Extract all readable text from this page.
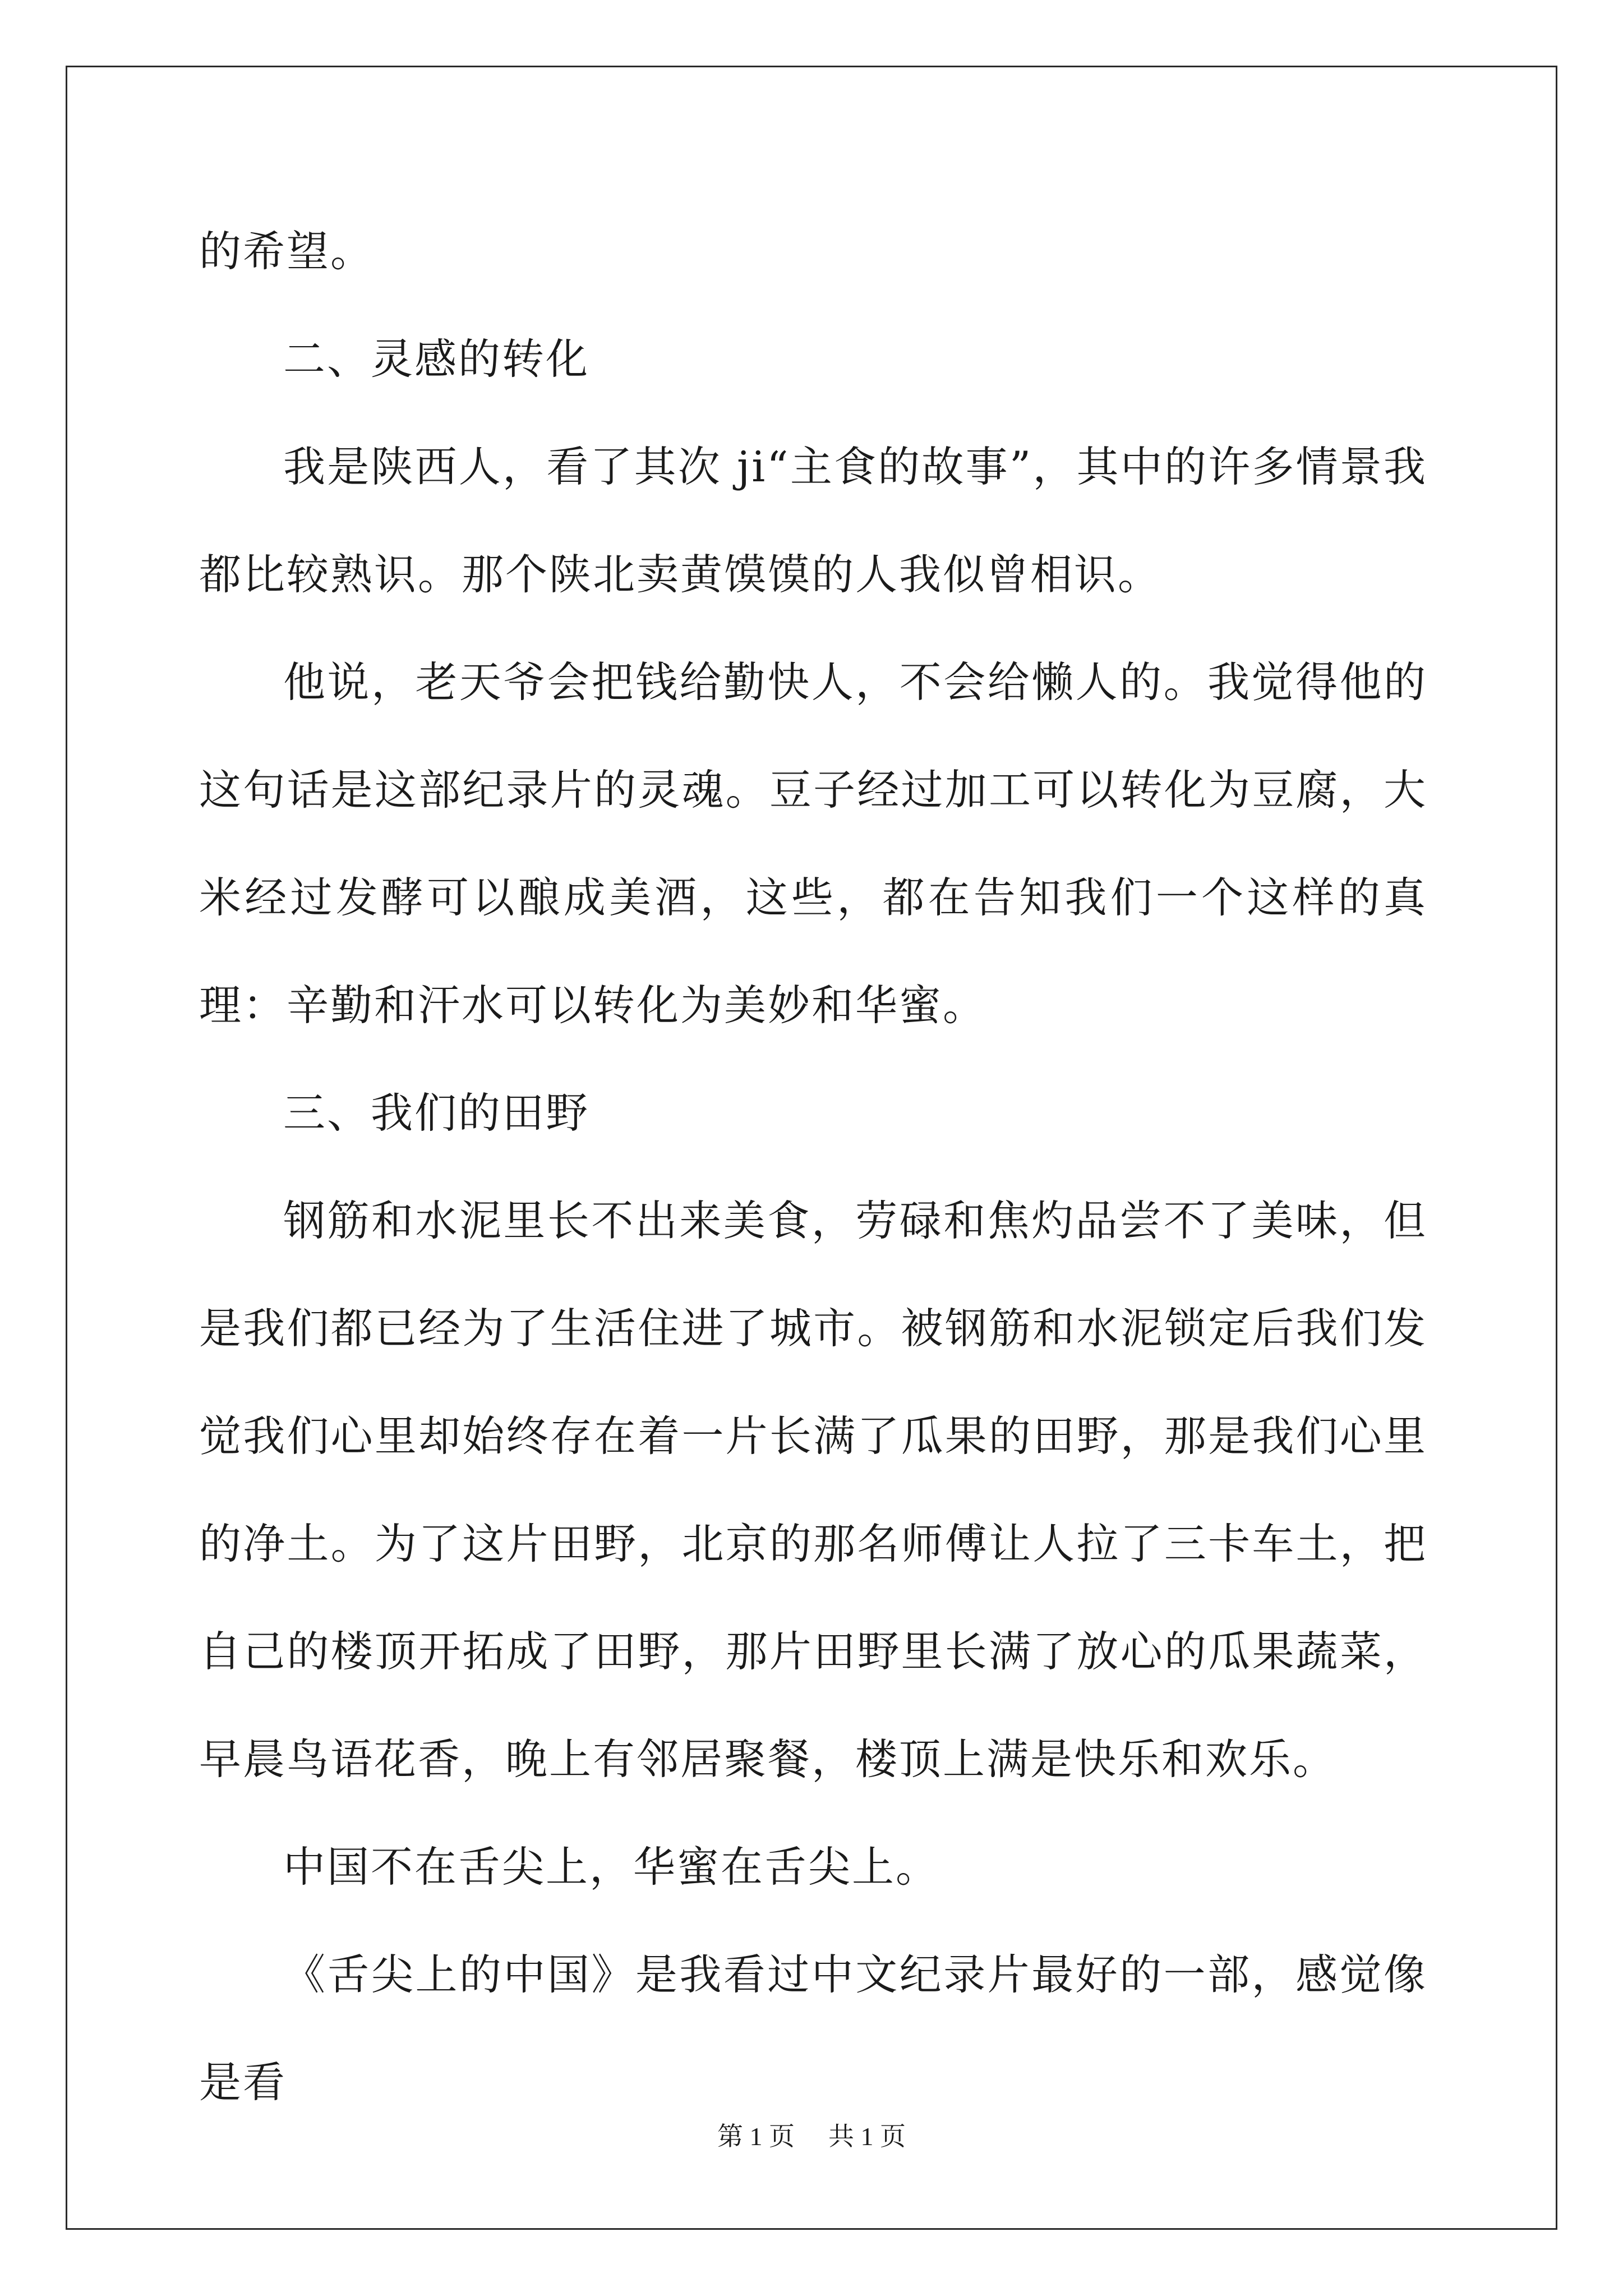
的希望。

二、灵感的转化

我是陕西人，看了其次 ji“主食的故事”，其中的许多情景我都比较熟识。那个陕北卖黄馍馍的人我似曾相识。

他说，老天爷会把钱给勤快人，不会给懒人的。我觉得他的这句话是这部纪录片的灵魂。豆子经过加工可以转化为豆腐，大米经过发酵可以酿成美酒，这些，都在告知我们一个这样的真理：辛勤和汗水可以转化为美妙和华蜜。

三、我们的田野

钢筋和水泥里长不出来美食，劳碌和焦灼品尝不了美味，但是我们都已经为了生活住进了城市。被钢筋和水泥锁定后我们发觉我们心里却始终存在着一片长满了瓜果的田野，那是我们心里的净土。为了这片田野，北京的那名师傅让人拉了三卡车土，把自己的楼顶开拓成了田野，那片田野里长满了放心的瓜果蔬菜，早晨鸟语花香，晚上有邻居聚餐，楼顶上满是快乐和欢乐。

中国不在舌尖上，华蜜在舌尖上。

《舌尖上的中国》是我看过中文纪录片最好的一部，感觉像是看

第 1 页 共 1 页
